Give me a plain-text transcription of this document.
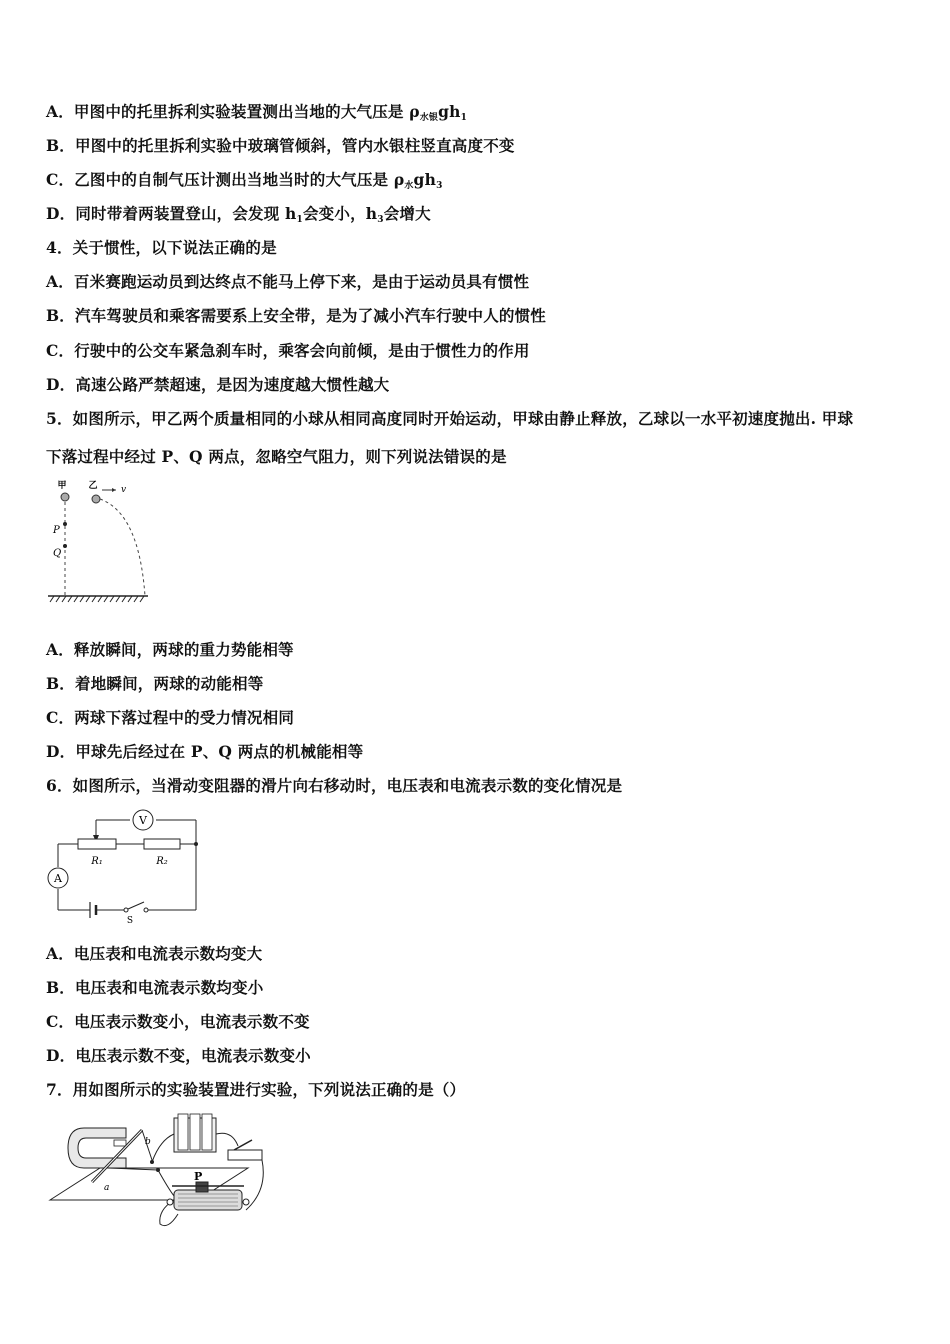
A．甲图中的托里拆利实验装置测出当地的大气压是 $\rho_{水银}gh_1$
B．甲图中的托里拆利实验中玻璃管倾斜，管内水银柱竖直高度不变
C．乙图中的自制气压计测出当地当时的大气压是 $\rho_水gh_3$
D．同时带着两装置登山，会发现 $h_1$会变小，$h_3$会增大
4．关于惯性，以下说法正确的是
A．百米赛跑运动员到达终点不能马上停下来，是由于运动员具有惯性
B．汽车驾驶员和乘客需要系上安全带，是为了减小汽车行驶中人的惯性
C．行驶中的公交车紧急刹车时，乘客会向前倾，是由于惯性力的作用
D．高速公路严禁超速，是因为速度越大惯性越大
5．如图所示，甲乙两个质量相同的小球从相同高度同时开始运动，甲球由静止释放，乙球以一水平初速度抛出. 甲球
下落过程中经过 P、Q 两点，忽略空气阻力，则下列说法错误的是
甲 乙	v
P
Q
A．释放瞬间，两球的重力势能相等
B．着地瞬间，两球的动能相等
C．两球下落过程中的受力情况相同
D．甲球先后经过在 P、Q 两点的机械能相等
6．如图所示，当滑动变阻器的滑片向右移动时，电压表和电流表示数的变化情况是
V
R₁	R₂
A
S
A．电压表和电流表示数均变大
B．电压表和电流表示数均变小
C．电压表示数变小，电流表示数不变
D．电压表示数不变，电流表示数变小
7．用如图所示的实验装置进行实验，下列说法正确的是（）
b
a
P
